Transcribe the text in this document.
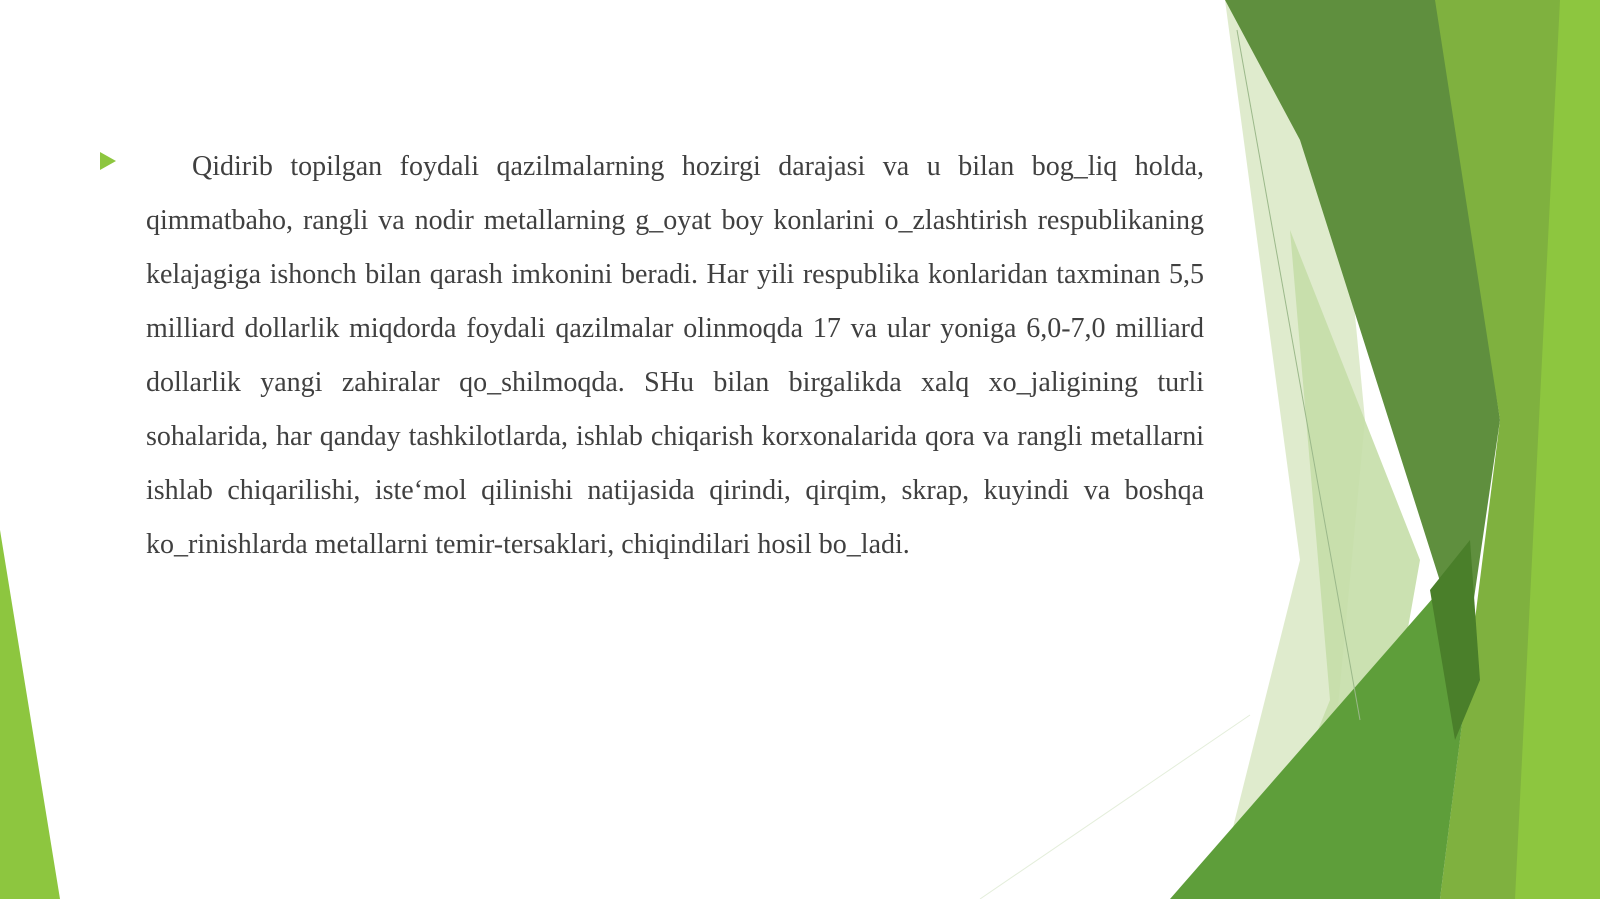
Qidirib topilgan foydali qazilmalarning hozirgi darajasi va u bilan bog_liq holda, qimmatbaho, rangli va nodir metallarning g_oyat boy konlarini o_zlashtirish respublikaning kelajagiga ishonch bilan qarash imkonini beradi. Har yili respublika konlaridan taxminan 5,5 milliard dollarlik miqdorda foydali qazilmalar olinmoqda 17 va ular yoniga 6,0-7,0 milliard dollarlik yangi zahiralar qo_shilmoqda. SHu bilan birgalikda xalq xo_jaligining turli sohalarida, har qanday tashkilotlarda, ishlab chiqarish korxonalarida qora va rangli metallarni ishlab chiqarilishi, iste‘mol qilinishi natijasida qirindi, qirqim, skrap, kuyindi va boshqa ko_rinishlarda metallarni temir-tersaklari, chiqindilari hosil bo_ladi.
